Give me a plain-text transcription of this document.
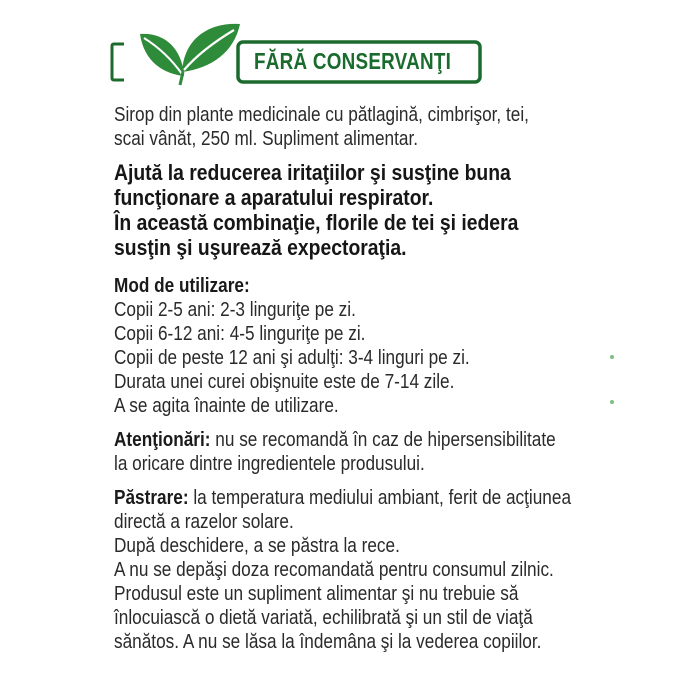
FĂRĂ CONSERVANŢI

Sirop din plante medicinale cu pătlagină, cimbrişor, tei,
scai vânăt, 250 ml. Supliment alimentar.

Ajută la reducerea iritaţiilor şi susţine buna
funcţionare a aparatului respirator.
În această combinaţie, florile de tei şi iedera
susţin şi uşurează expectoraţia.

Mod de utilizare:
Copii 2-5 ani: 2-3 linguriţe pe zi.
Copii 6-12 ani: 4-5 linguriţe pe zi.
Copii de peste 12 ani şi adulţi: 3-4 linguri pe zi.
Durata unei curei obişnuite este de 7-14 zile.
A se agita înainte de utilizare.

Atenţionări: nu se recomandă în caz de hipersensibilitate
la oricare dintre ingredientele produsului.

Păstrare: la temperatura mediului ambiant, ferit de acţiunea
directă a razelor solare.
După deschidere, a se păstra la rece.
A nu se depăşi doza recomandată pentru consumul zilnic.
Produsul este un supliment alimentar şi nu trebuie să
înlocuiască o dietă variată, echilibrată şi un stil de viaţă
sănătos. A nu se lăsa la îndemâna şi la vederea copiilor.
